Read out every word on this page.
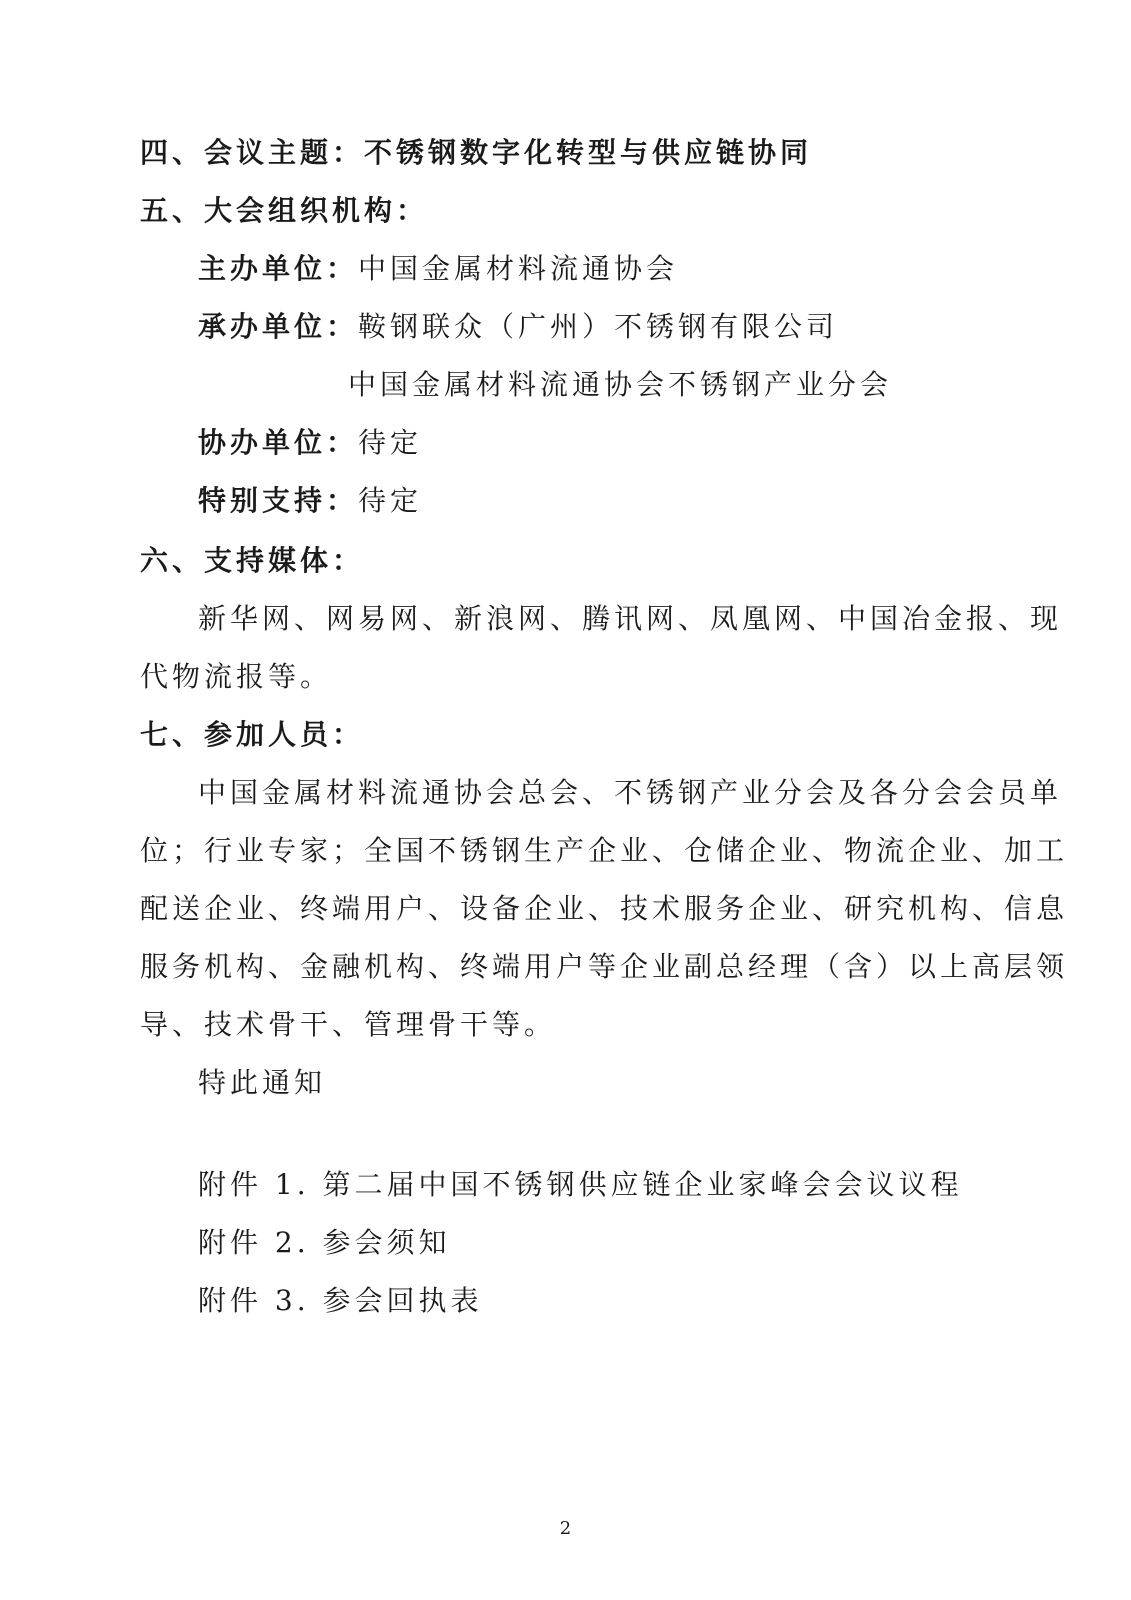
四、会议主题：不锈钢数字化转型与供应链协同
五、大会组织机构：
主办单位：中国金属材料流通协会
承办单位：鞍钢联众（广州）不锈钢有限公司
中国金属材料流通协会不锈钢产业分会
协办单位：待定
特别支持：待定
六、支持媒体：
新华网、网易网、新浪网、腾讯网、凤凰网、中国冶金报、现
代物流报等。
七、参加人员：
中国金属材料流通协会总会、不锈钢产业分会及各分会会员单
位；行业专家；全国不锈钢生产企业、仓储企业、物流企业、加工
配送企业、终端用户、设备企业、技术服务企业、研究机构、信息
服务机构、金融机构、终端用户等企业副总经理（含）以上高层领
导、技术骨干、管理骨干等。
特此通知
附件 1. 第二届中国不锈钢供应链企业家峰会会议议程
附件 2. 参会须知
附件 3. 参会回执表
2
